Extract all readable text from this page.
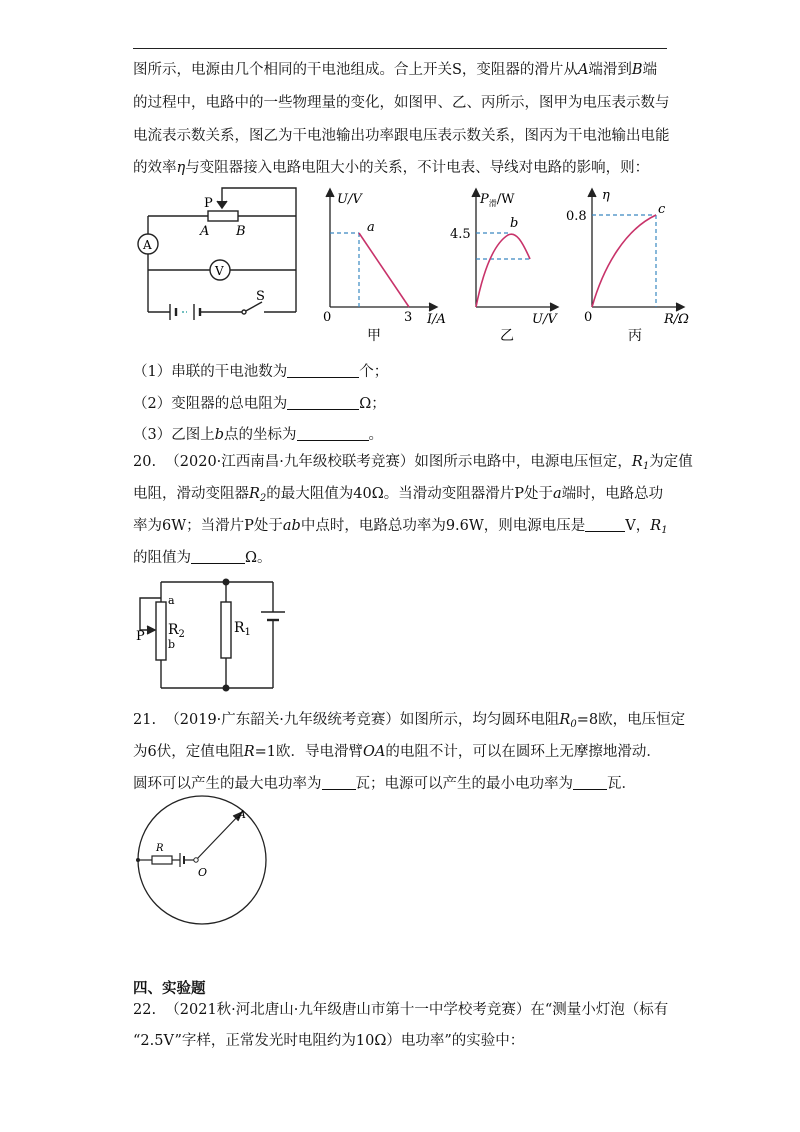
图所示，电源由几个相同的干电池组成。合上开关S，变阻器的滑片从A端滑到B端
的过程中，电路中的一些物理量的变化，如图甲、乙、丙所示，图甲为电压表示数与
电流表示数关系，图乙为干电池输出功率跟电压表示数关系，图丙为干电池输出电能
的效率η与变阻器接入电路电阻大小的关系，不计电表、导线对电路的影响，则：
P
A B
A
V
S
U/V
a
0	3 I/A
甲
$P_滑/W$
4.5
b
U/V
乙
η
0.8	c
0	R/Ω
丙
（1）串联的干电池数为	个；
（2）变阻器的总电阻为	Ω；
（3）乙图上b点的坐标为	。
20. （2020·江西南昌·九年级校联考竞赛）如图所示电路中，电源电压恒定，$R_1$为定值
电阻，滑动变阻器$R_2$的最大阻值为40Ω。当滑动变阻器滑片P处于a端时，电路总功
率为6W；当滑片P处于ab中点时，电路总功率为9.6W，则电源电压是	V，$R_1$
的阻值为	Ω。
a
b
P $R_2$	$R_1$
21. （2019·广东韶关·九年级统考竞赛）如图所示，均匀圆环电阻$R_0=8$欧，电压恒定
为6伏，定值电阻R=1欧．导电滑臂OA的电阻不计，可以在圆环上无摩擦地滑动．
圆环可以产生的最大电功率为 瓦；电源可以产生的最小电功率为 瓦．
R
A
O
四、实验题
22. （2021秋·河北唐山·九年级唐山市第十一中学校考竞赛）在“测量小灯泡（标有
“2.5V”字样，正常发光时电阻约为10Ω）电功率”的实验中：
